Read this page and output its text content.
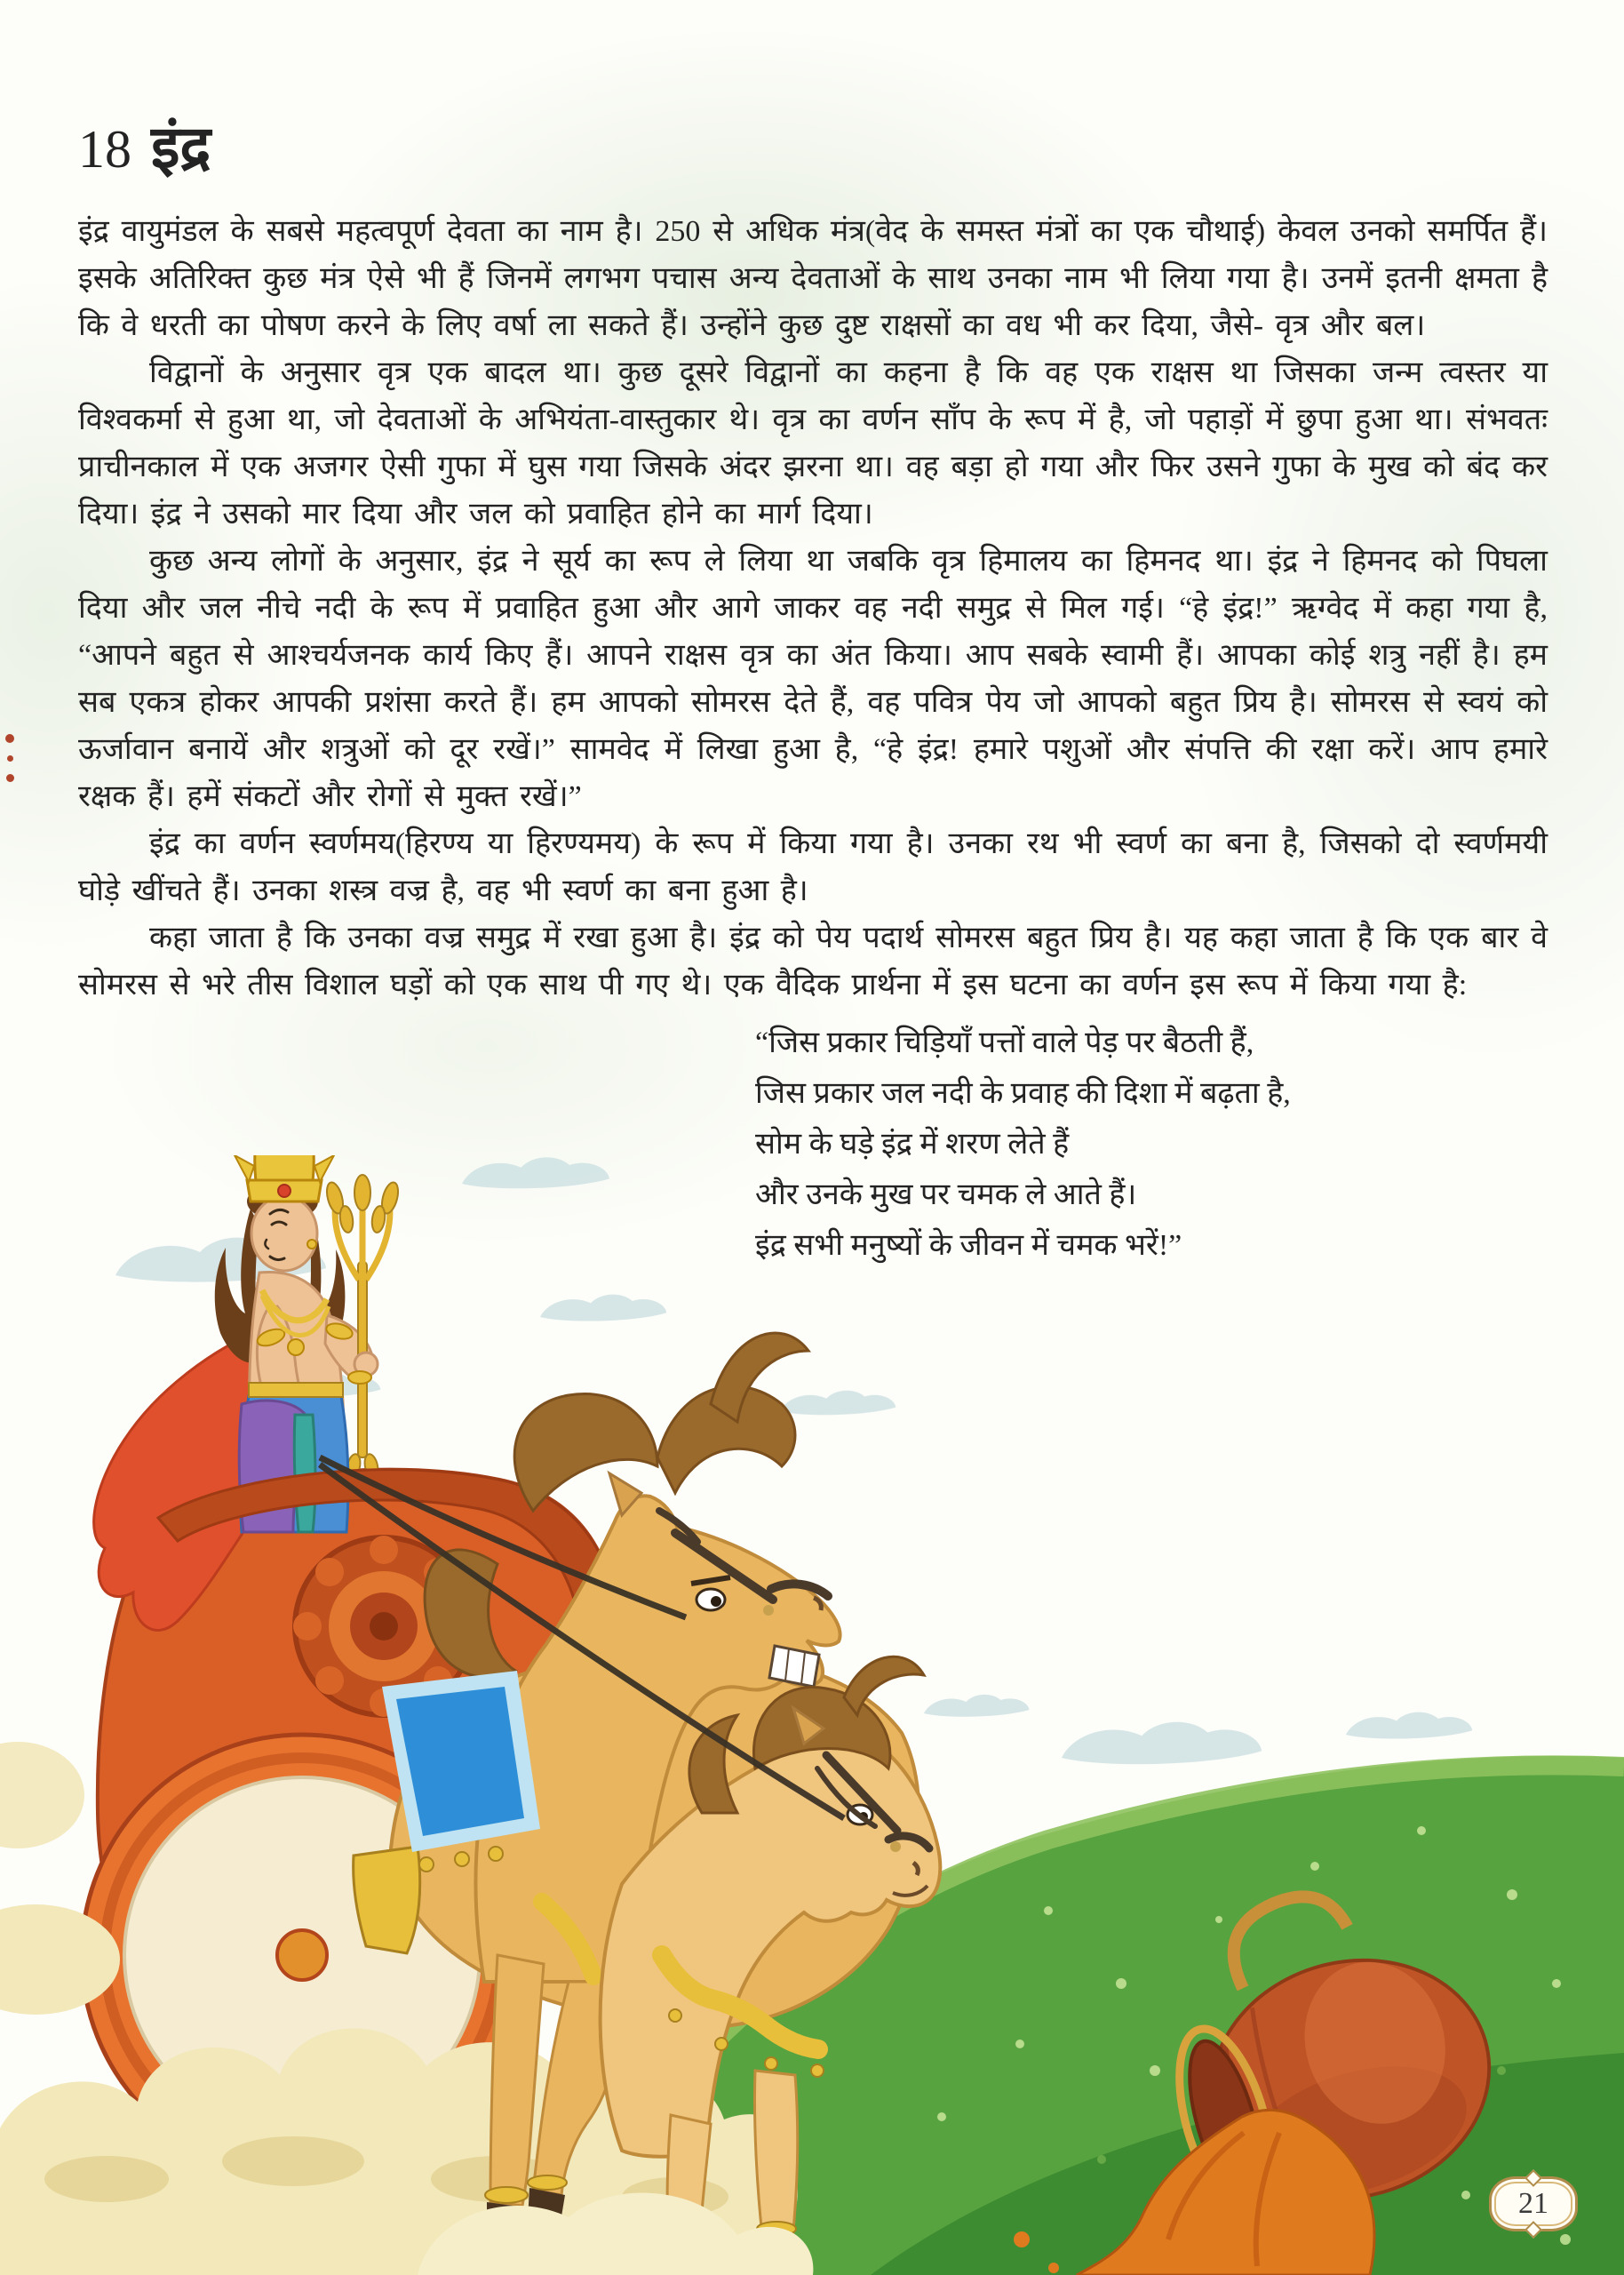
18 इंद्र

इंद्र वायुमंडल के सबसे महत्वपूर्ण देवता का नाम है। 250 से अधिक मंत्र(वेद के समस्त मंत्रों का एक चौथाई) केवल उनको समर्पित हैं। इसके अतिरिक्त कुछ मंत्र ऐसे भी हैं जिनमें लगभग पचास अन्य देवताओं के साथ उनका नाम भी लिया गया है। उनमें इतनी क्षमता है कि वे धरती का पोषण करने के लिए वर्षा ला सकते हैं। उन्होंने कुछ दुष्ट राक्षसों का वध भी कर दिया, जैसे- वृत्र और बल।

विद्वानों के अनुसार वृत्र एक बादल था। कुछ दूसरे विद्वानों का कहना है कि वह एक राक्षस था जिसका जन्म त्वस्तर या विश्वकर्मा से हुआ था, जो देवताओं के अभियंता-वास्तुकार थे। वृत्र का वर्णन साँप के रूप में है, जो पहाड़ों में छुपा हुआ था। संभवतः प्राचीनकाल में एक अजगर ऐसी गुफा में घुस गया जिसके अंदर झरना था। वह बड़ा हो गया और फिर उसने गुफा के मुख को बंद कर दिया। इंद्र ने उसको मार दिया और जल को प्रवाहित होने का मार्ग दिया।

कुछ अन्य लोगों के अनुसार, इंद्र ने सूर्य का रूप ले लिया था जबकि वृत्र हिमालय का हिमनद था। इंद्र ने हिमनद को पिघला दिया और जल नीचे नदी के रूप में प्रवाहित हुआ और आगे जाकर वह नदी समुद्र से मिल गई। “हे इंद्र!” ऋग्वेद में कहा गया है, “आपने बहुत से आश्चर्यजनक कार्य किए हैं। आपने राक्षस वृत्र का अंत किया। आप सबके स्वामी हैं। आपका कोई शत्रु नहीं है। हम सब एकत्र होकर आपकी प्रशंसा करते हैं। हम आपको सोमरस देते हैं, वह पवित्र पेय जो आपको बहुत प्रिय है। सोमरस से स्वयं को ऊर्जावान बनायें और शत्रुओं को दूर रखें।” सामवेद में लिखा हुआ है, “हे इंद्र! हमारे पशुओं और संपत्ति की रक्षा करें। आप हमारे रक्षक हैं। हमें संकटों और रोगों से मुक्त रखें।”

इंद्र का वर्णन स्वर्णमय(हिरण्य या हिरण्यमय) के रूप में किया गया है। उनका रथ भी स्वर्ण का बना है, जिसको दो स्वर्णमयी घोड़े खींचते हैं। उनका शस्त्र वज्र है, वह भी स्वर्ण का बना हुआ है।

कहा जाता है कि उनका वज्र समुद्र में रखा हुआ है। इंद्र को पेय पदार्थ सोमरस बहुत प्रिय है। यह कहा जाता है कि एक बार वे सोमरस से भरे तीस विशाल घड़ों को एक साथ पी गए थे। एक वैदिक प्रार्थना में इस घटना का वर्णन इस रूप में किया गया है:

“जिस प्रकार चिड़ियाँ पत्तों वाले पेड़ पर बैठती हैं,
जिस प्रकार जल नदी के प्रवाह की दिशा में बढ़ता है,
सोम के घड़े इंद्र में शरण लेते हैं
और उनके मुख पर चमक ले आते हैं।
इंद्र सभी मनुष्यों के जीवन में चमक भरें!”
21
